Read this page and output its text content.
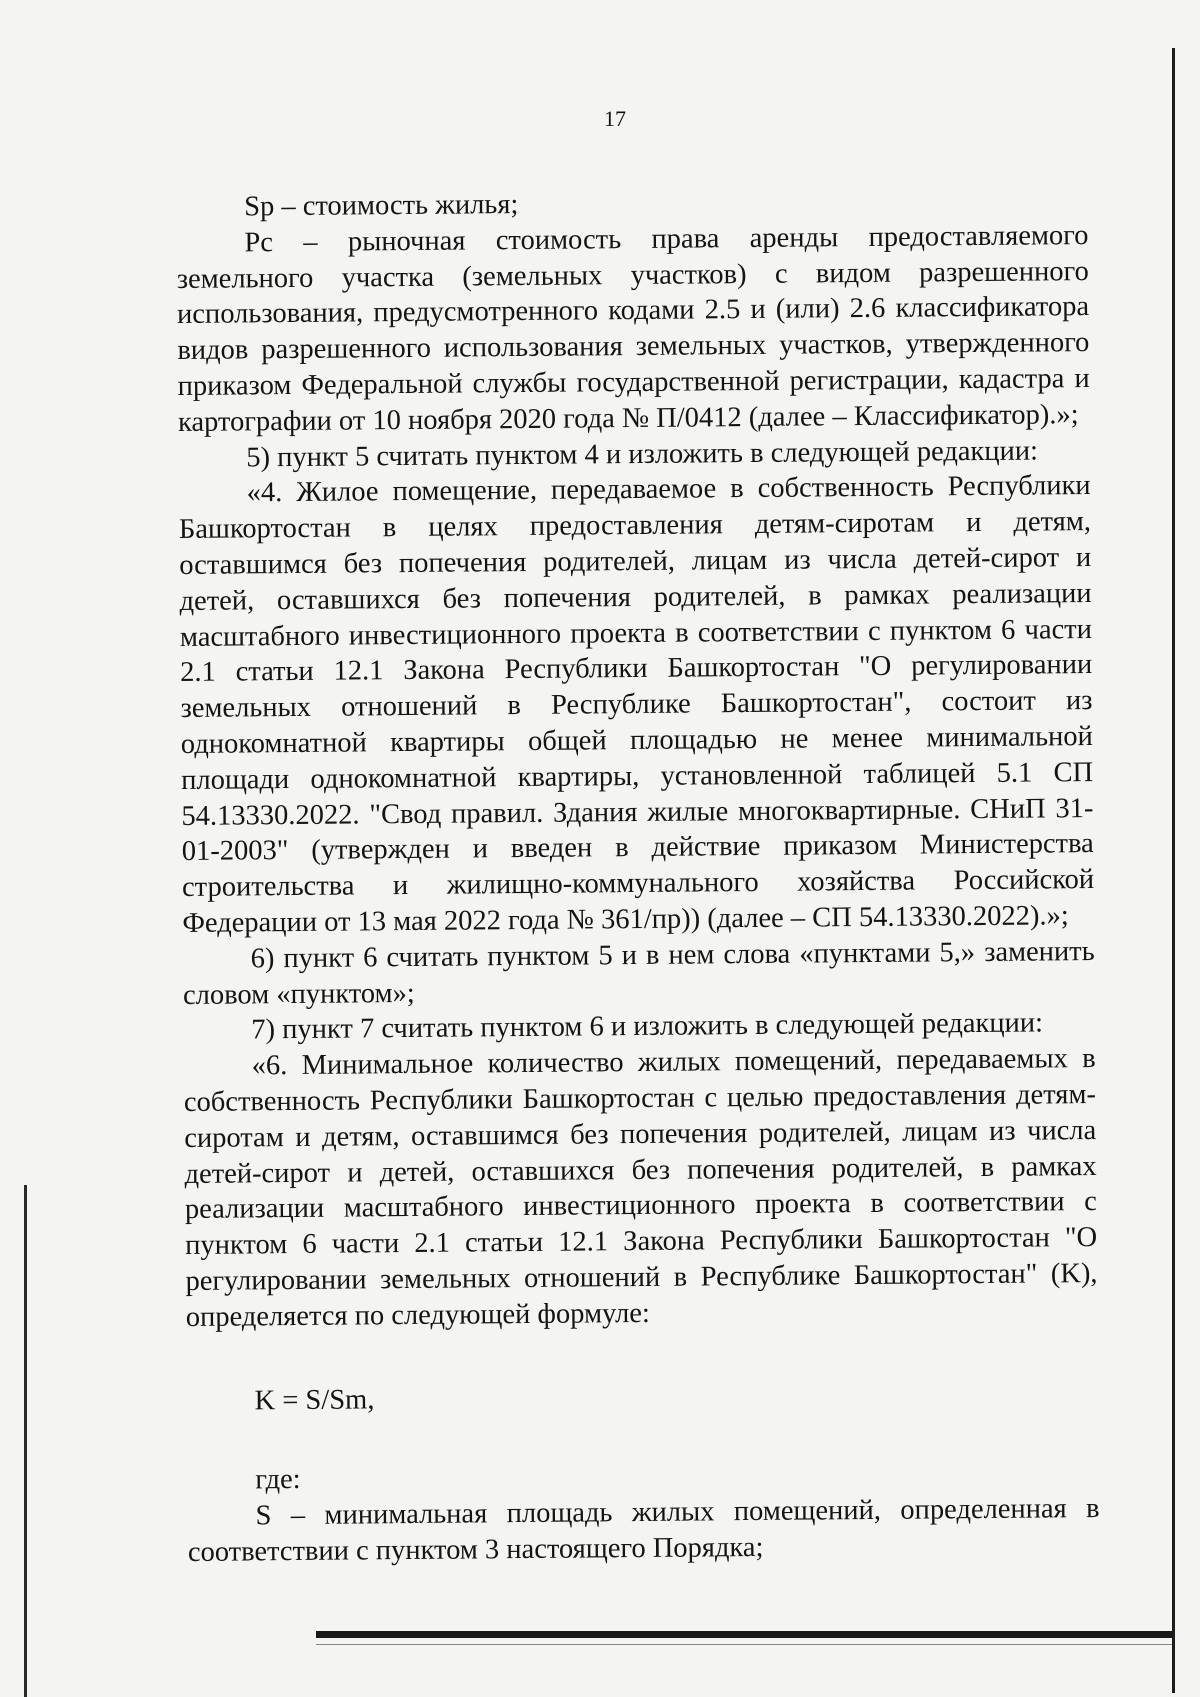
17

Sp – стоимость жилья;

Pc – рыночная стоимость права аренды предоставляемого земельного участка (земельных участков) с видом разрешенного использования, предусмотренного кодами 2.5 и (или) 2.6 классификатора видов разрешенного использования земельных участков, утвержденного приказом Федеральной службы государственной регистрации, кадастра и картографии от 10 ноября 2020 года № П/0412 (далее – Классификатор).»;

5) пункт 5 считать пунктом 4 и изложить в следующей редакции:

«4. Жилое помещение, передаваемое в собственность Республики Башкортостан в целях предоставления детям-сиротам и детям, оставшимся без попечения родителей, лицам из числа детей-сирот и детей, оставшихся без попечения родителей, в рамках реализации масштабного инвестиционного проекта в соответствии с пунктом 6 части 2.1 статьи 12.1 Закона Республики Башкортостан "О регулировании земельных отношений в Республике Башкортостан", состоит из однокомнатной квартиры общей площадью не менее минимальной площади однокомнатной квартиры, установленной таблицей 5.1 СП 54.13330.2022. "Свод правил. Здания жилые многоквартирные. СНиП 31-01-2003" (утвержден и введен в действие приказом Министерства строительства и жилищно-коммунального хозяйства Российской Федерации от 13 мая 2022 года № 361/пр)) (далее – СП 54.13330.2022).»;

6) пункт 6 считать пунктом 5 и в нем слова «пунктами 5,» заменить словом «пунктом»;

7) пункт 7 считать пунктом 6 и изложить в следующей редакции:

«6. Минимальное количество жилых помещений, передаваемых в собственность Республики Башкортостан с целью предоставления детям-сиротам и детям, оставшимся без попечения родителей, лицам из числа детей-сирот и детей, оставшихся без попечения родителей, в рамках реализации масштабного инвестиционного проекта в соответствии с пунктом 6 части 2.1 статьи 12.1 Закона Республики Башкортостан "О регулировании земельных отношений в Республике Башкортостан" (K), определяется по следующей формуле:

K = S/Sm,

где:

S – минимальная площадь жилых помещений, определенная в соответствии с пунктом 3 настоящего Порядка;
